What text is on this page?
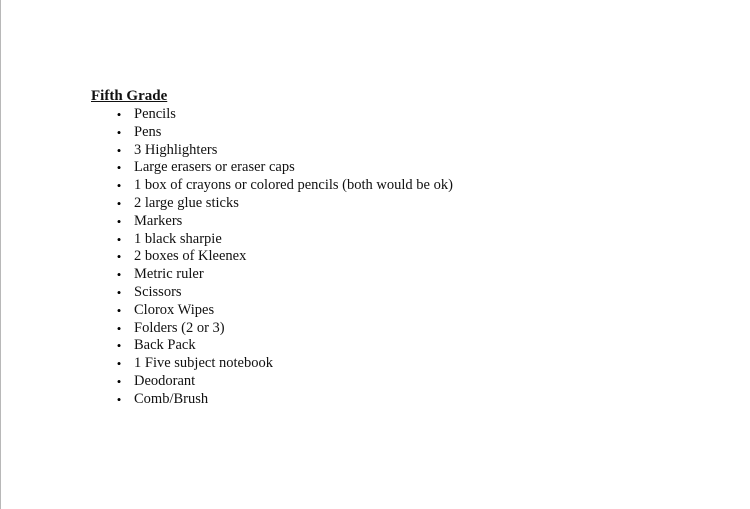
Fifth Grade
• Pencils
• Pens
• 3 Highlighters
• Large erasers or eraser caps
• 1 box of crayons or colored pencils (both would be ok)
• 2 large glue sticks
• Markers
• 1 black sharpie
• 2 boxes of Kleenex
• Metric ruler
• Scissors
• Clorox Wipes
• Folders (2 or 3)
• Back Pack
• 1 Five subject notebook
• Deodorant
• Comb/Brush
